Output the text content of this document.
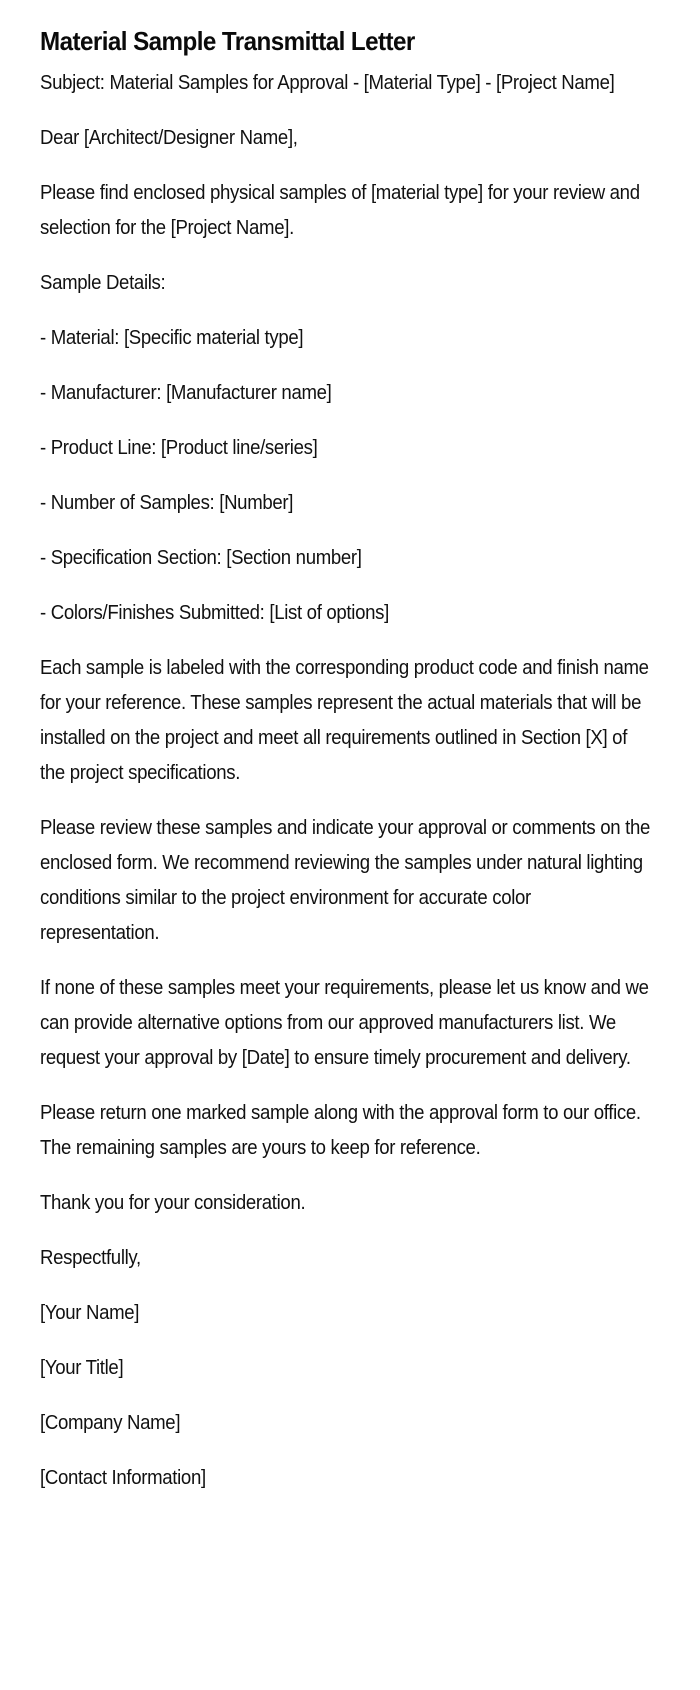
Material Sample Transmittal Letter

Subject: Material Samples for Approval - [Material Type] - [Project Name]

Dear [Architect/Designer Name],

Please find enclosed physical samples of [material type] for your review and selection for the [Project Name].

Sample Details:

- Material: [Specific material type]

- Manufacturer: [Manufacturer name]

- Product Line: [Product line/series]

- Number of Samples: [Number]

- Specification Section: [Section number]

- Colors/Finishes Submitted: [List of options]

Each sample is labeled with the corresponding product code and finish name for your reference. These samples represent the actual materials that will be installed on the project and meet all requirements outlined in Section [X] of the project specifications.

Please review these samples and indicate your approval or comments on the enclosed form. We recommend reviewing the samples under natural lighting conditions similar to the project environment for accurate color representation.

If none of these samples meet your requirements, please let us know and we can provide alternative options from our approved manufacturers list. We request your approval by [Date] to ensure timely procurement and delivery.

Please return one marked sample along with the approval form to our office. The remaining samples are yours to keep for reference.

Thank you for your consideration.

Respectfully,

[Your Name]

[Your Title]

[Company Name]

[Contact Information]
